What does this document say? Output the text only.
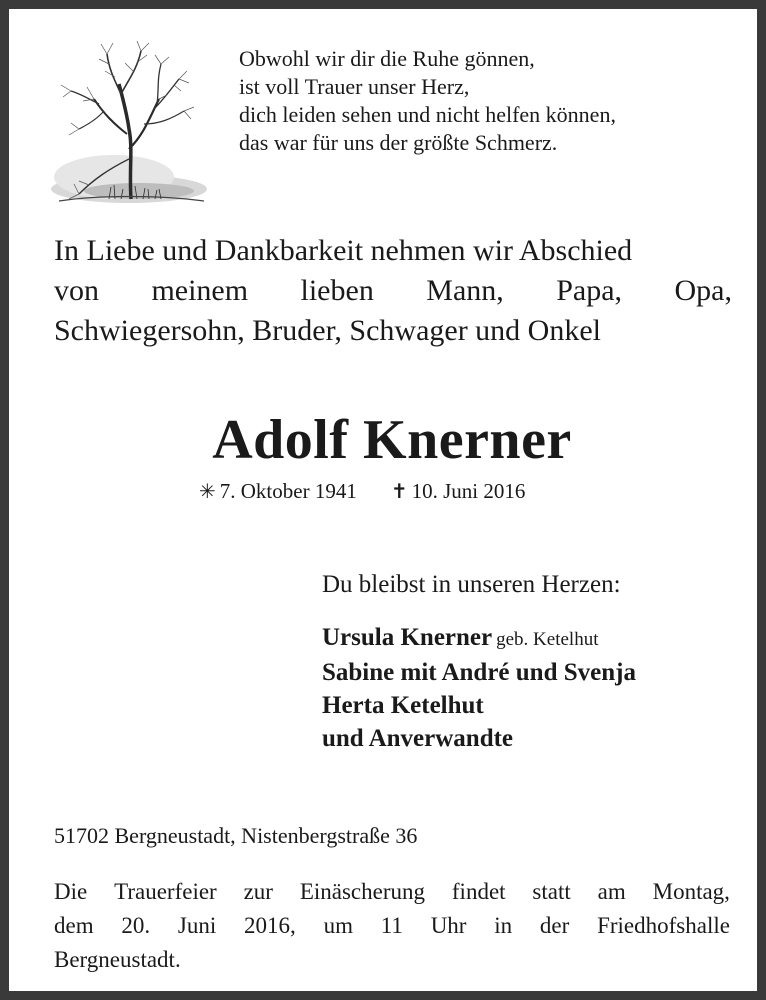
Obwohl wir dir die Ruhe gönnen,
ist voll Trauer unser Herz,
dich leiden sehen und nicht helfen können,
das war für uns der größte Schmerz.
In Liebe und Dankbarkeit nehmen wir Abschied
von meinem lieben Mann, Papa, Opa,
Schwiegersohn, Bruder, Schwager und Onkel
Adolf Knerner
✳ 7. Oktober 1941 ✝ 10. Juni 2016
Du bleibst in unseren Herzen:
Ursula Knerner geb. Ketelhut
Sabine mit André und Svenja
Herta Ketelhut
und Anverwandte
51702 Bergneustadt, Nistenbergstraße 36
Die Trauerfeier zur Einäscherung findet statt am Montag,
dem 20. Juni 2016, um 11 Uhr in der Friedhofshalle
Bergneustadt.
